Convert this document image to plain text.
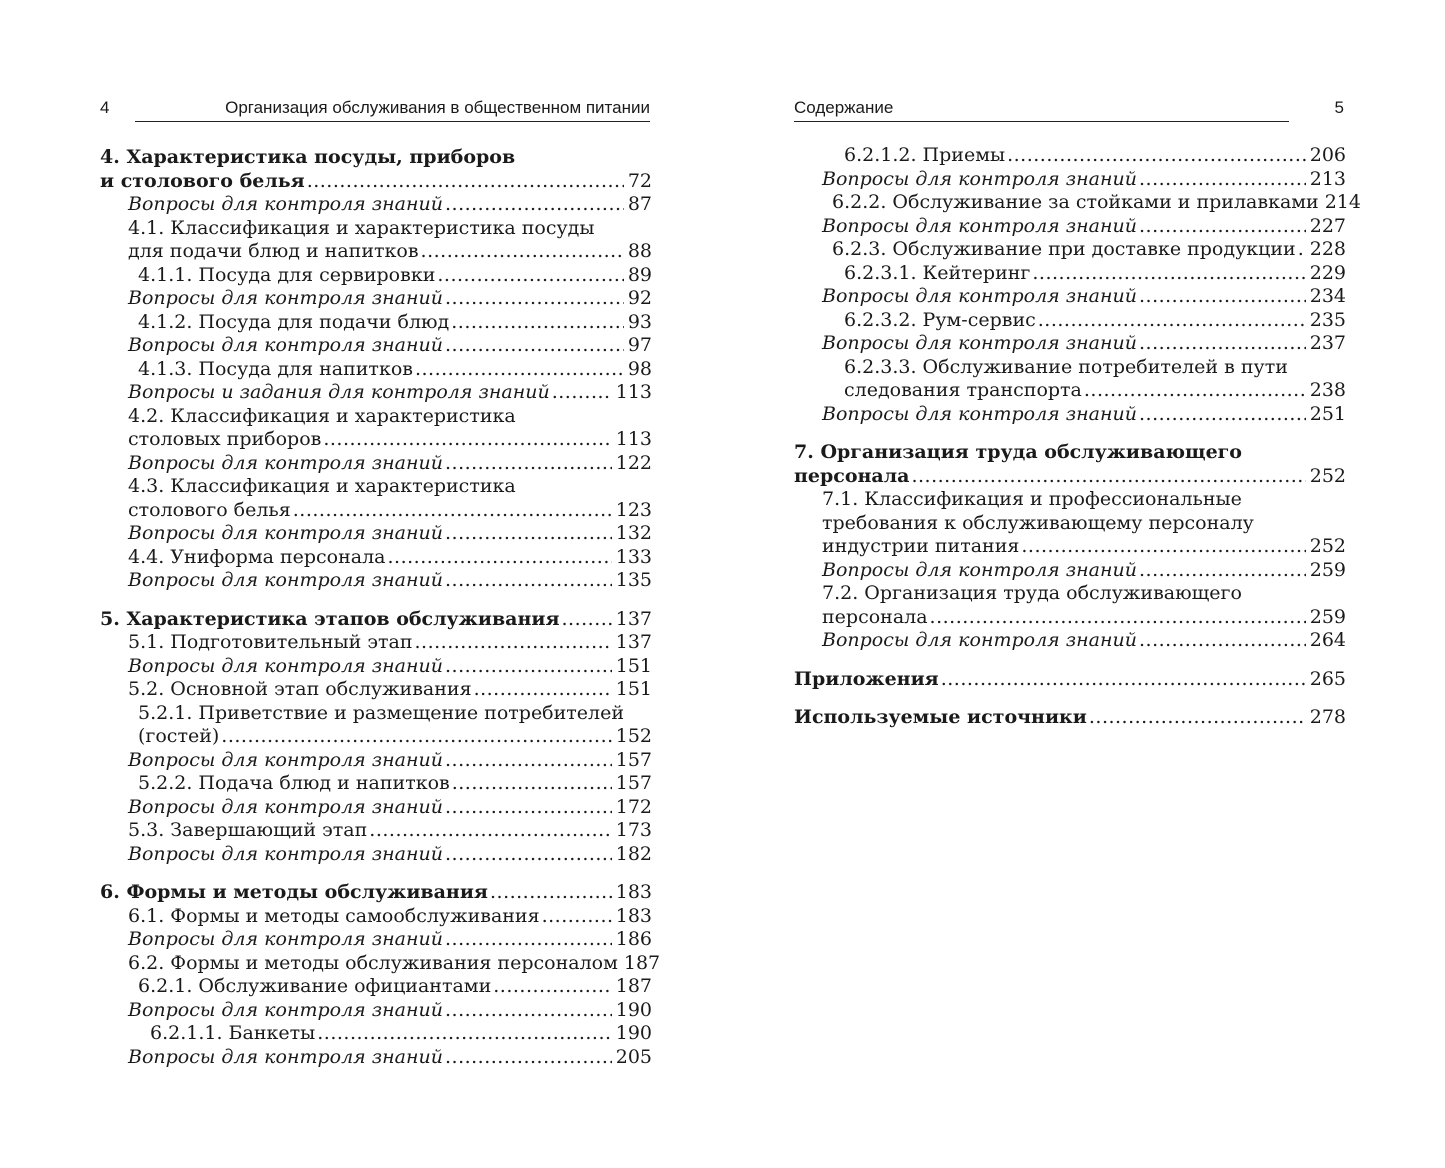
4	Организация обслуживания в общественном питании
4. Характеристика посуды, приборов
и столового белья .....	72
Вопросы для контроля знаний .....	87
4.1. Классификация и характеристика посуды
для подачи блюд и напитков .....	88
4.1.1. Посуда для сервировки .....	89
Вопросы для контроля знаний .....	92
4.1.2. Посуда для подачи блюд .....	93
Вопросы для контроля знаний .....	97
4.1.3. Посуда для напитков .....	98
Вопросы и задания для контроля знаний .....	113
4.2. Классификация и характеристика
столовых приборов .....	113
Вопросы для контроля знаний .....	122
4.3. Классификация и характеристика
столового белья .....	123
Вопросы для контроля знаний .....	132
4.4. Униформа персонала .....	133
Вопросы для контроля знаний .....	135
5. Характеристика этапов обслуживания .....	137
5.1. Подготовительный этап .....	137
Вопросы для контроля знаний .....	151
5.2. Основной этап обслуживания .....	151
5.2.1. Приветствие и размещение потребителей
(гостей) .....	152
Вопросы для контроля знаний .....	157
5.2.2. Подача блюд и напитков .....	157
Вопросы для контроля знаний .....	172
5.3. Завершающий этап .....	173
Вопросы для контроля знаний .....	182
6. Формы и методы обслуживания .....	183
6.1. Формы и методы самообслуживания .....	183
Вопросы для контроля знаний .....	186
6.2. Формы и методы обслуживания персоналом 187
6.2.1. Обслуживание официантами .....	187
Вопросы для контроля знаний .....	190
6.2.1.1. Банкеты .....	190
Вопросы для контроля знаний .....	205
Содержание	5
6.2.1.2. Приемы .....	206
Вопросы для контроля знаний .....	213
6.2.2. Обслуживание за стойками и прилавками 214
Вопросы для контроля знаний .....	227
6.2.3. Обслуживание при доставке продукции ..... 228
6.2.3.1. Кейтеринг .....	229
Вопросы для контроля знаний .....	234
6.2.3.2. Рум-сервис .....	235
Вопросы для контроля знаний .....	237
6.2.3.3. Обслуживание потребителей в пути
следования транспорта .....	238
Вопросы для контроля знаний .....	251
7. Организация труда обслуживающего
персонала .....	252
7.1. Классификация и профессиональные
требования к обслуживающему персоналу
индустрии питания .....	252
Вопросы для контроля знаний .....	259
7.2. Организация труда обслуживающего
персонала .....	259
Вопросы для контроля знаний .....	264
Приложения .....	265
Используемые источники .....	278
